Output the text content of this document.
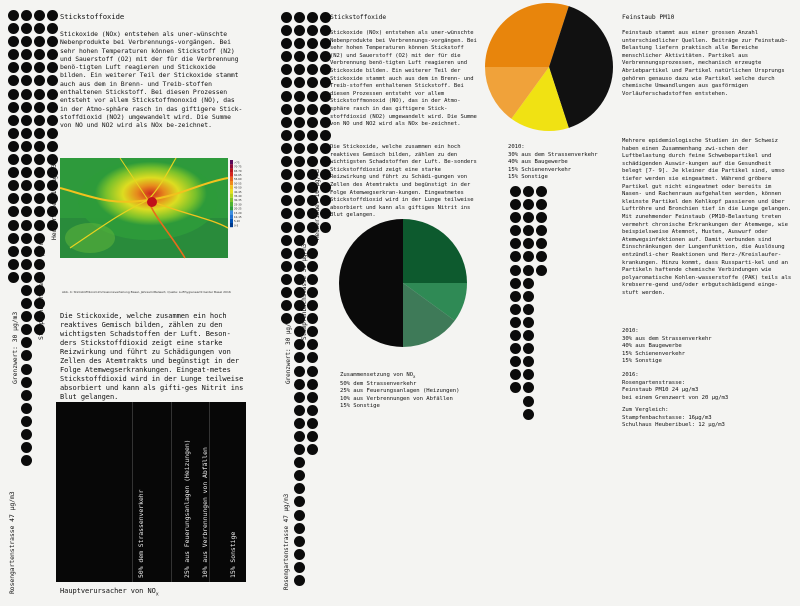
Heuberibuel 16 µg/m3
Stampfenbachstasse 31 µg/m3
Grenzwert: 30 µg/m3
Rosengartenstrasse 47 µg/m3
Stickstoffoxide
Stickoxide (NOx) entstehen als uner-wünschte Nebenprodukte bei Verbrennungs-vorgängen. Bei sehr hohen Temperaturen können Stickstoff (N2) und Sauerstoff (O2) mit der für die Verbrennung benö-tigten Luft reagieren und Stickoxide bilden. Ein weiterer Teil der Stickoxide stammt auch aus dem in Brenn- und Treib-stoffen enthaltenen Stickstoff. Bei diesen Prozessen entsteht vor allem Stickstoffmonoxid (NO), das in der Atmo-sphäre rasch in das giftigere Stick-stoffdioxid (NO2) umgewandelt wird. Die Summe von NO und NO2 wird als NOx be-zeichnet.
>75
70-75
65-70
60-65
55-60
50-55
45-50
40-45
35-40
30-35
25-30
20-25
15-20
10-15
5-10
0-5
Abb. 4: Stickstoffdioxid-Immissionsverteilung Basel, Jahresmittelwert, Quelle: Lufthygieneamt beider Basel 2016
Die Stickoxide, welche zusammen ein hoch reaktives Gemisch bilden, zählen zu den wichtigsten Schadstoffen der Luft. Beson-ders Stickstoffdioxid zeigt eine starke Reizwirkung und führt zu Schädigungen von Zellen des Atemtrakts und begünstigt in der Folge Atemwegserkrankungen. Eingeat-metes Stickstoffdioxid wird in der Lunge teilweise absorbiert und kann als gifti-ges Nitrit ins Blut gelangen.
50% dem Strassenverkehr	25% aus Feuerungsanlagen (Heizungen) 10% aus Verbrennungen von Abfällen	15% Sonstige
Hauptverursacher von $NO_x$
Heuberibuel 16 µg/m3
Stampfenbachstasse 31 µg/m3
Grenzwert: 30 µg/m3
Rosengartenstrasse 47 µg/m3
Stickstoffoxide
Stickoxide (NOx) entstehen als uner-wünschte Nebenprodukte bei Verbrennungs-vorgängen. Bei sehr hohen Temperaturen können Stickstoff (N2) und Sauerstoff (O2) mit der für die Verbrennung benö-tigten Luft reagieren und Stickoxide bilden. Ein weiterer Teil der Stickoxide stammt auch aus dem in Brenn- und Treib-stoffen enthaltenen Stickstoff. Bei diesen Prozessen entsteht vor allem Stickstoffmonoxid (NO), das in der Atmo-sphäre rasch in das giftigere Stick-stoffdioxid (NO2) umgewandelt wird. Die Summe von NO und NO2 wird als NOx be-zeichnet.
Die Stickoxide, welche zusammen ein hoch reaktives Gemisch bilden, zählen zu den wichtigsten Schadstoffen der Luft. Be-sonders Stickstoffdioxid zeigt eine starke Reizwirkung und führt zu Schädi-gungen von Zellen des Atemtrakts und begünstigt in der Folge Atemwegserkran-kungen. Eingeatmetes Stickstoffdioxid wird in der Lunge teilweise absorbiert und kann als giftiges Nitrit ins Blut gelangen.
Zusammensetzung von $NO_x$
50% dem Strassenverkehr
25% aus Feuerungsanlagen (Heizungen)
10% aus Verbrennungen von Abfällen
15% Sonstige
2010:
30% aus dem Strassenverkehr
40% aus Baugewerbe
15% Schienenverkehr
15% Sonstige
Feinstaub PM10
Feinstaub stammt aus einer grossen Anzahl unterschiedlicher Quellen. Beiträge zur Feinstaub-Belastung liefern praktisch alle Bereiche menschlicher Aktivitäten. Partikel aus Verbrennungsprozessen, mechanisch erzeugte Abriebpartikel und Partikel natürlichen Ursprungs gehören genauso dazu wie Partikel welche durch chemische Umwandlungen aus gasförmigen Vorläuferschadstoffen entstehen.
Mehrere epidemiologische Studien in der Schweiz haben einen Zusammenhang zwi-schen der Luftbelastung durch feine Schwebepartikel und schädigenden Auswir-kungen auf die Gesundheit belegt [7- 9]. Je kleiner die Partikel sind, umso tiefer werden sie eingeatmet. Während gröbere Partikel gut nicht eingeatmet oder bereits im Nasen- und Rachenraum aufgehalten werden, können kleinste Partikel den Kehlkopf passieren und über Luftröhre und Bronchien tief in die Lunge gelangen. Mit zunehmender Feinstaub (PM10-Belastung treten vermehrt chronische Erkrankungen der Atemwege, wie beispielsweise Atemnot, Husten, Auswurf oder Atemwegsinfektionen auf. Damit verbunden sind Einschränkungen der Lungenfunktion, die Auslösung entzündli-cher Reaktionen und Herz-/Kreislaufer-krankungen. Hinzu kommt, dass Russparti-kel und an Partikeln haftende chemische Verbindungen wie polyaromatische Kohlen-wasserstoffe (PAK) teils als krebserre-gend und/oder erbgutschädigend einge-stuft werden.
2010:
30% aus dem Strassenverkehr
40% aus Baugewerbe
15% Schienenverkehr
15% Sonstige
2016:
Rosengartenstrasse:
Feinstaub PM10 24 µg/m3
bei einem Grenzwert von 20 µg/m3
Zum Vergleich:
Stampfenbachstasse: 16µg/m3
Schulhaus Heuberibuel: 12 µg/m3
